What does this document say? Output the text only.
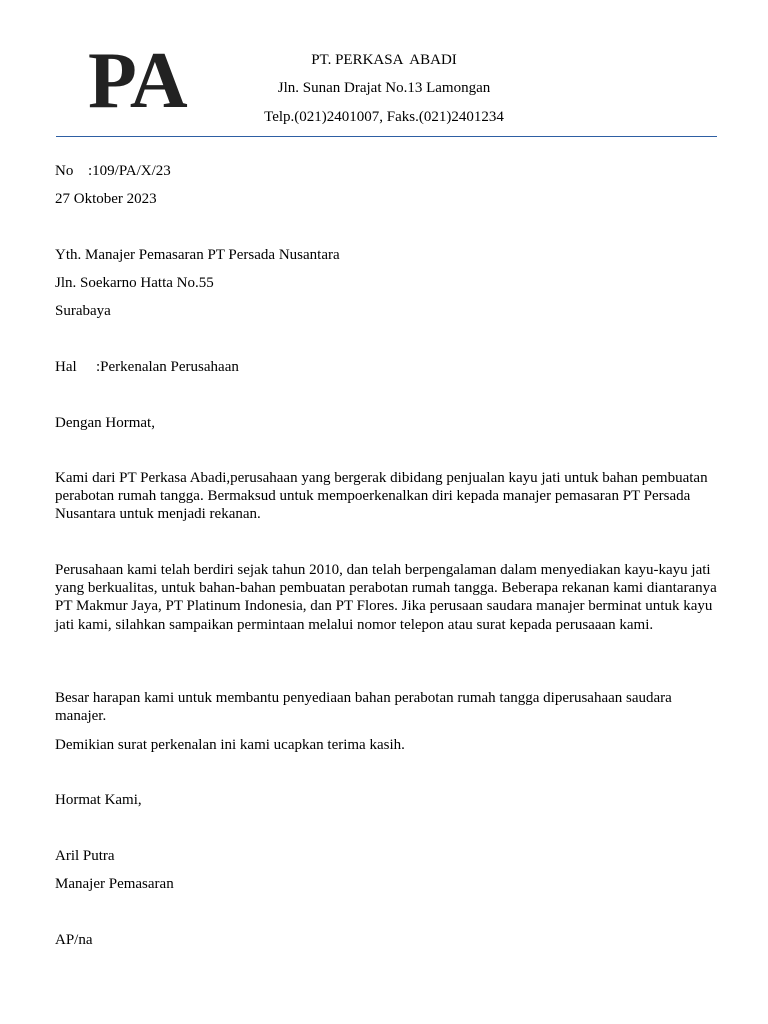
PA	PT. PERKASA  ABADI
Jln. Sunan Drajat No.13 Lamongan
Telp.(021)2401007, Faks.(021)2401234
No :109/PA/X/23
27 Oktober 2023
Yth. Manajer Pemasaran PT Persada Nusantara
Jln. Soekarno Hatta No.55
Surabaya
Hal :Perkenalan Perusahaan
Dengan Hormat,
Kami dari PT Perkasa Abadi,perusahaan yang bergerak dibidang penjualan kayu jati untuk bahan pembuatan perabotan rumah tangga. Bermaksud untuk mempoerkenalkan diri kepada manajer pemasaran PT Persada Nusantara untuk menjadi rekanan.
Perusahaan kami telah berdiri sejak tahun 2010, dan telah berpengalaman dalam menyediakan kayu-kayu jati yang berkualitas, untuk bahan-bahan pembuatan perabotan rumah tangga. Beberapa rekanan kami diantaranya PT Makmur Jaya, PT Platinum Indonesia, dan PT Flores. Jika perusaan saudara manajer berminat untuk kayu jati kami, silahkan sampaikan permintaan melalui nomor telepon atau surat kepada perusaaan kami.
Besar harapan kami untuk membantu penyediaan bahan perabotan rumah tangga diperusahaan saudara manajer.
Demikian surat perkenalan ini kami ucapkan terima kasih.
Hormat Kami,
Aril Putra
Manajer Pemasaran
AP/na
